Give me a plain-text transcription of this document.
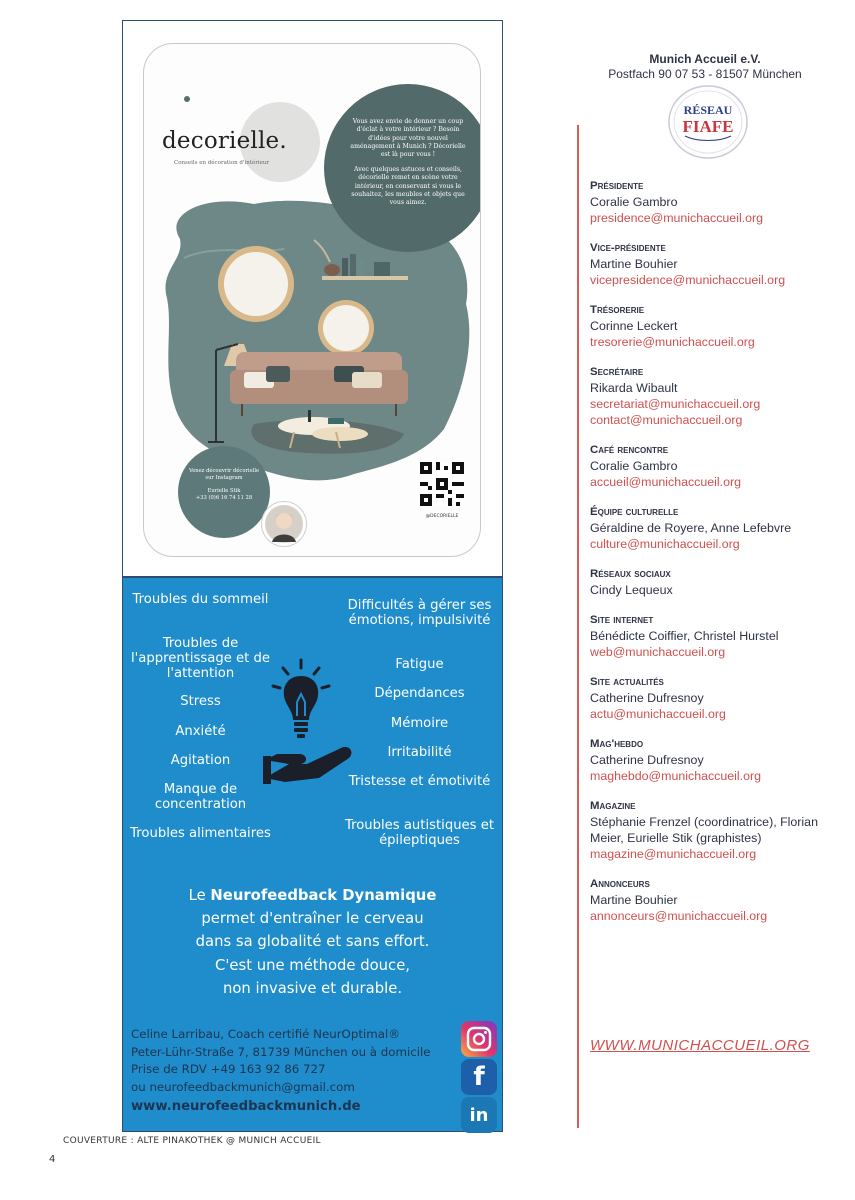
decorielle.
Conseils en décoration d'intérieur

Vous avez envie de donner un coup d'éclat à votre intérieur ? Besoin d'idées pour votre nouvel aménagement à Munich ? Décorielle est là pour vous !

Avec quelques astuces et conseils, décorielle remet en scène votre intérieur, en conservant si vous le souhaitez, les meubles et objets que vous aimez.

Venez découvrir décorielle sur Instagram
Eurielle Stik
+33 (0)6 16 74 11 28
@DECORIELLE
Troubles du sommeil
Troubles de l'apprentissage et de l'attention
Stress
Anxiété
Agitation
Manque de concentration
Troubles alimentaires
Difficultés à gérer ses émotions, impulsivité
Fatigue
Dépendances
Mémoire
Irritabilité
Tristesse et émotivité
Troubles autistiques et épileptiques
Le Neurofeedback Dynamique
permet d'entraîner le cerveau
dans sa globalité et sans effort.
C'est une méthode douce,
non invasive et durable.
Celine Larribau, Coach certifié NeurOptimal®
Peter-Lühr-Straße 7, 81739 München ou à domicile
Prise de RDV +49 163 92 86 727
ou neurofeedbackmunich@gmail.com
www.neurofeedbackmunich.de
f
in
COUVERTURE : ALTE PINAKOTHEK @ MUNICH ACCUEIL
4
Munich Accueil e.V.
Postfach 90 07 53 - 81507 München
RÉSEAU
FIAFE
Présidente
Coralie Gambro
presidence@munichaccueil.org
Vice-présidente
Martine Bouhier
vicepresidence@munichaccueil.org
Trésorerie
Corinne Leckert
tresorerie@munichaccueil.org
Secrétaire
Rikarda Wibault
secretariat@munichaccueil.org
contact@munichaccueil.org
Café rencontre
Coralie Gambro
accueil@munichaccueil.org
Équipe culturelle
Géraldine de Royere, Anne Lefebvre
culture@munichaccueil.org
Réseaux sociaux
Cindy Lequeux
Site internet
Bénédicte Coiffier, Christel Hurstel
web@munichaccueil.org
Site actualités
Catherine Dufresnoy
actu@munichaccueil.org
Mag'hebdo
Catherine Dufresnoy
maghebdo@munichaccueil.org
Magazine
Stéphanie Frenzel (coordinatrice), Florian Meier, Eurielle Stik (graphistes)
magazine@munichaccueil.org
Annonceurs
Martine Bouhier
annonceurs@munichaccueil.org
WWW.MUNICHACCUEIL.ORG
